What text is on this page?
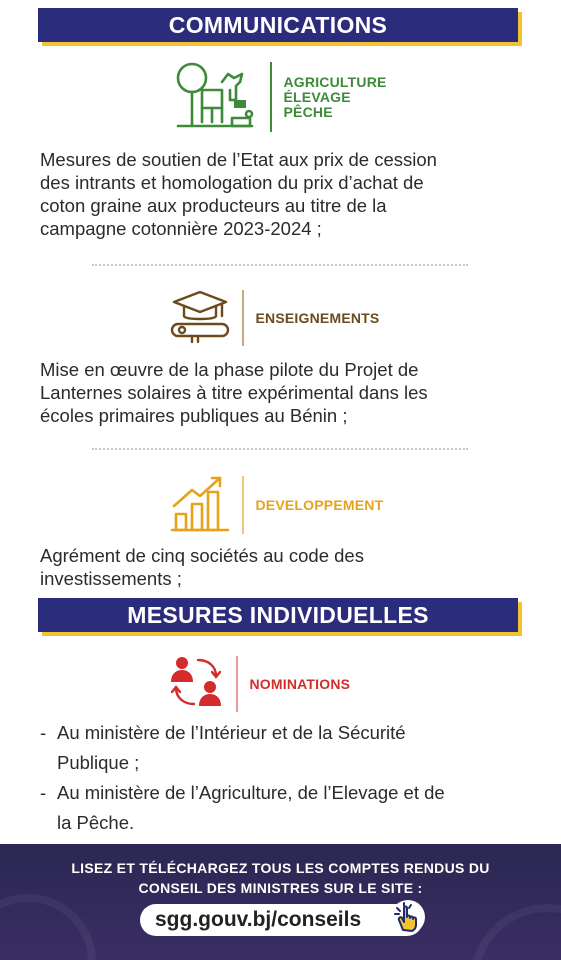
COMMUNICATIONS
AGRICULTURE
ÉLEVAGE
PÊCHE
Mesures de soutien de l’Etat aux prix de cession
des intrants et homologation du prix d’achat de
coton graine aux producteurs au titre de la
campagne cotonnière 2023-2024 ;
ENSEIGNEMENTS
Mise en œuvre de la phase pilote du Projet de
Lanternes solaires à titre expérimental dans les
écoles primaires publiques au Bénin ;
DEVELOPPEMENT
Agrément de cinq sociétés au code des
investissements ;
MESURES INDIVIDUELLES
NOMINATIONS
- Au ministère de l’Intérieur et de la Sécurité
Publique ;
- Au ministère de l’Agriculture, de l’Elevage et de
la Pêche.
LISEZ ET TÉLÉCHARGEZ TOUS LES COMPTES RENDUS DU
CONSEIL DES MINISTRES SUR LE SITE :
sgg.gouv.bj/conseils
